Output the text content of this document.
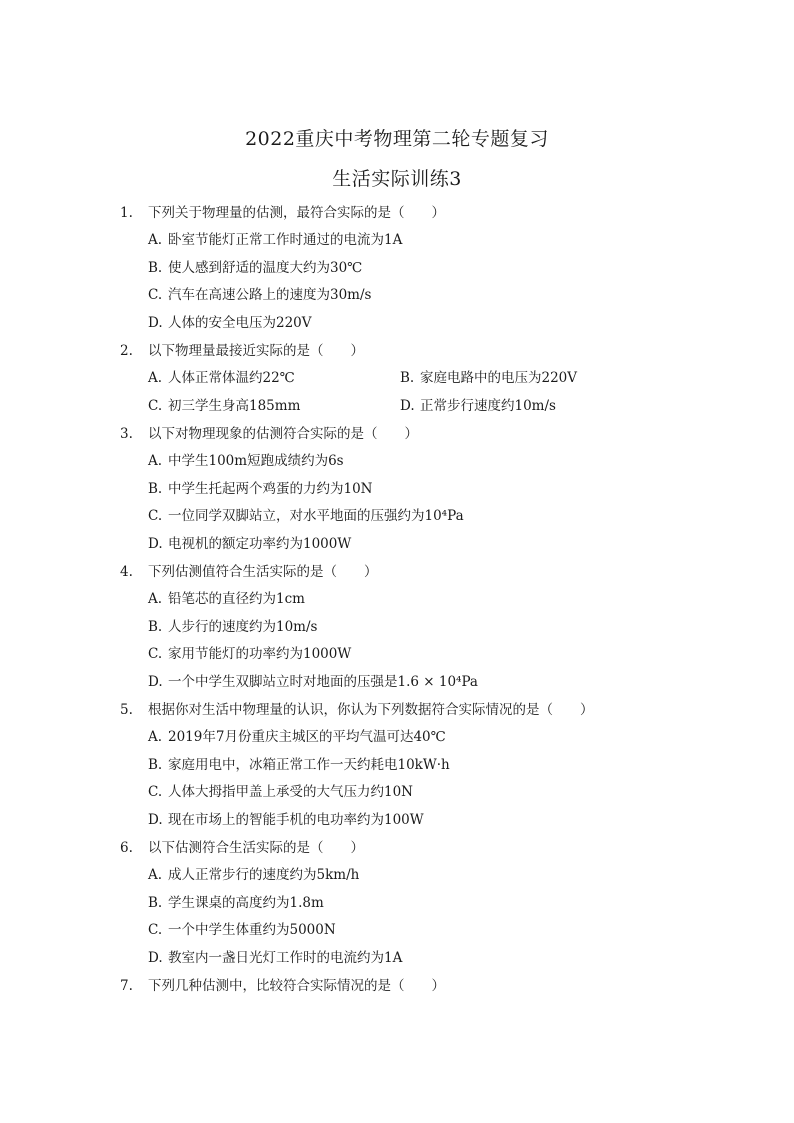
2022重庆中考物理第二轮专题复习
生活实际训练3
1. 下列关于物理量的估测，最符合实际的是（　　）
A. 卧室节能灯正常工作时通过的电流为1A
B. 使人感到舒适的温度大约为30℃
C. 汽车在高速公路上的速度为30m/s
D. 人体的安全电压为220V
2. 以下物理量最接近实际的是（　　）
A. 人体正常体温约22℃	B. 家庭电路中的电压为220V
C. 初三学生身高185mm	D. 正常步行速度约10m/s
3. 以下对物理现象的估测符合实际的是（　　）
A. 中学生100m短跑成绩约为6s
B. 中学生托起两个鸡蛋的力约为10N
C. 一位同学双脚站立，对水平地面的压强约为10⁴Pa
D. 电视机的额定功率约为1000W
4. 下列估测值符合生活实际的是（　　）
A. 铅笔芯的直径约为1cm
B. 人步行的速度约为10m/s
C. 家用节能灯的功率约为1000W
D. 一个中学生双脚站立时对地面的压强是1.6 × 10⁴Pa
5. 根据你对生活中物理量的认识，你认为下列数据符合实际情况的是（　　）
A. 2019年7月份重庆主城区的平均气温可达40℃
B. 家庭用电中，冰箱正常工作一天约耗电10kW·h
C. 人体大拇指甲盖上承受的大气压力约10N
D. 现在市场上的智能手机的电功率约为100W
6. 以下估测符合生活实际的是（　　）
A. 成人正常步行的速度约为5km/h
B. 学生课桌的高度约为1.8m
C. 一个中学生体重约为5000N
D. 教室内一盏日光灯工作时的电流约为1A
7. 下列几种估测中，比较符合实际情况的是（　　）
